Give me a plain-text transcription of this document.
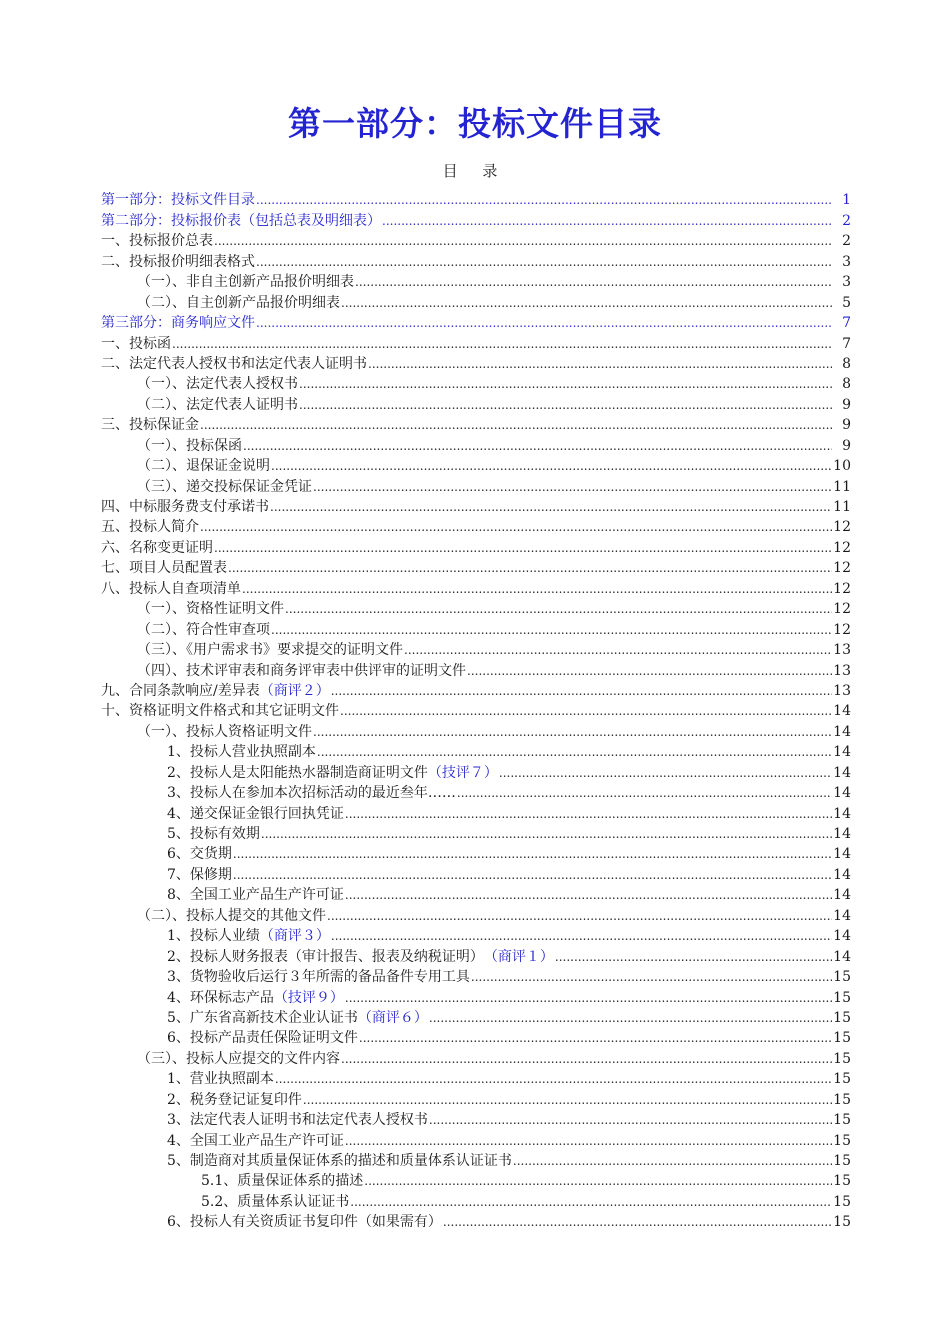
第一部分：投标文件目录
目 录
第一部分：投标文件目录 .....	1
第二部分：投标报价表（包括总表及明细表） .....	2
一、投标报价总表 .....	2
二、投标报价明细表格式 .....	3
（一）、非自主创新产品报价明细表 .....	3
（二）、自主创新产品报价明细表 .....	5
第三部分：商务响应文件 .....	7
一、投标函 .....	7
二、法定代表人授权书和法定代表人证明书 .....	8
（一）、法定代表人授权书 .....	8
（二）、法定代表人证明书 .....	9
三、投标保证金 .....	9
（一）、投标保函 .....	9
（二）、退保证金说明 .....	10
（三）、递交投标保证金凭证 .....	11
四、中标服务费支付承诺书 .....	11
五、投标人简介 .....	12
六、名称变更证明 .....	12
七、项目人员配置表 .....	12
八、投标人自查项清单 .....	12
（一）、资格性证明文件 .....	12
（二）、符合性审查项 .....	12
（三）、《用户需求书》要求提交的证明文件 .....	13
（四）、技术评审表和商务评审表中供评审的证明文件 .....	13
九、合同条款响应/差异表 （商评２） .....	13
十、资格证明文件格式和其它证明文件 .....	14
（一）、投标人资格证明文件 .....	14
1、投标人营业执照副本 .....	14
2、投标人是太阳能热水器制造商证明文件 （技评７） .....	14
3、投标人在参加本次招标活动的最近叁年…… .....	14
4、递交保证金银行回执凭证 .....	14
5、投标有效期 .....	14
6、交货期 .....	14
7、保修期 .....	14
8、全国工业产品生产许可证 .....	14
（二）、投标人提交的其他文件 .....	14
1、投标人业绩 （商评３） .....	14
2、投标人财务报表（审计报告、报表及纳税证明） （商评１） .....	14
3、货物验收后运行３年所需的备品备件专用工具 .....	15
4、环保标志产品 （技评９） .....	15
5、广东省高新技术企业认证书 （商评６） .....	15
6、投标产品责任保险证明文件 .....	15
（三）、投标人应提交的文件内容 .....	15
1、营业执照副本 .....	15
2、税务登记证复印件 .....	15
3、法定代表人证明书和法定代表人授权书 .....	15
4、全国工业产品生产许可证 .....	15
5、制造商对其质量保证体系的描述和质量体系认证证书 .....	15
5.1、质量保证体系的描述 .....	15
5.2、质量体系认证证书 .....	15
6、投标人有关资质证书复印件（如果需有） .....	15
